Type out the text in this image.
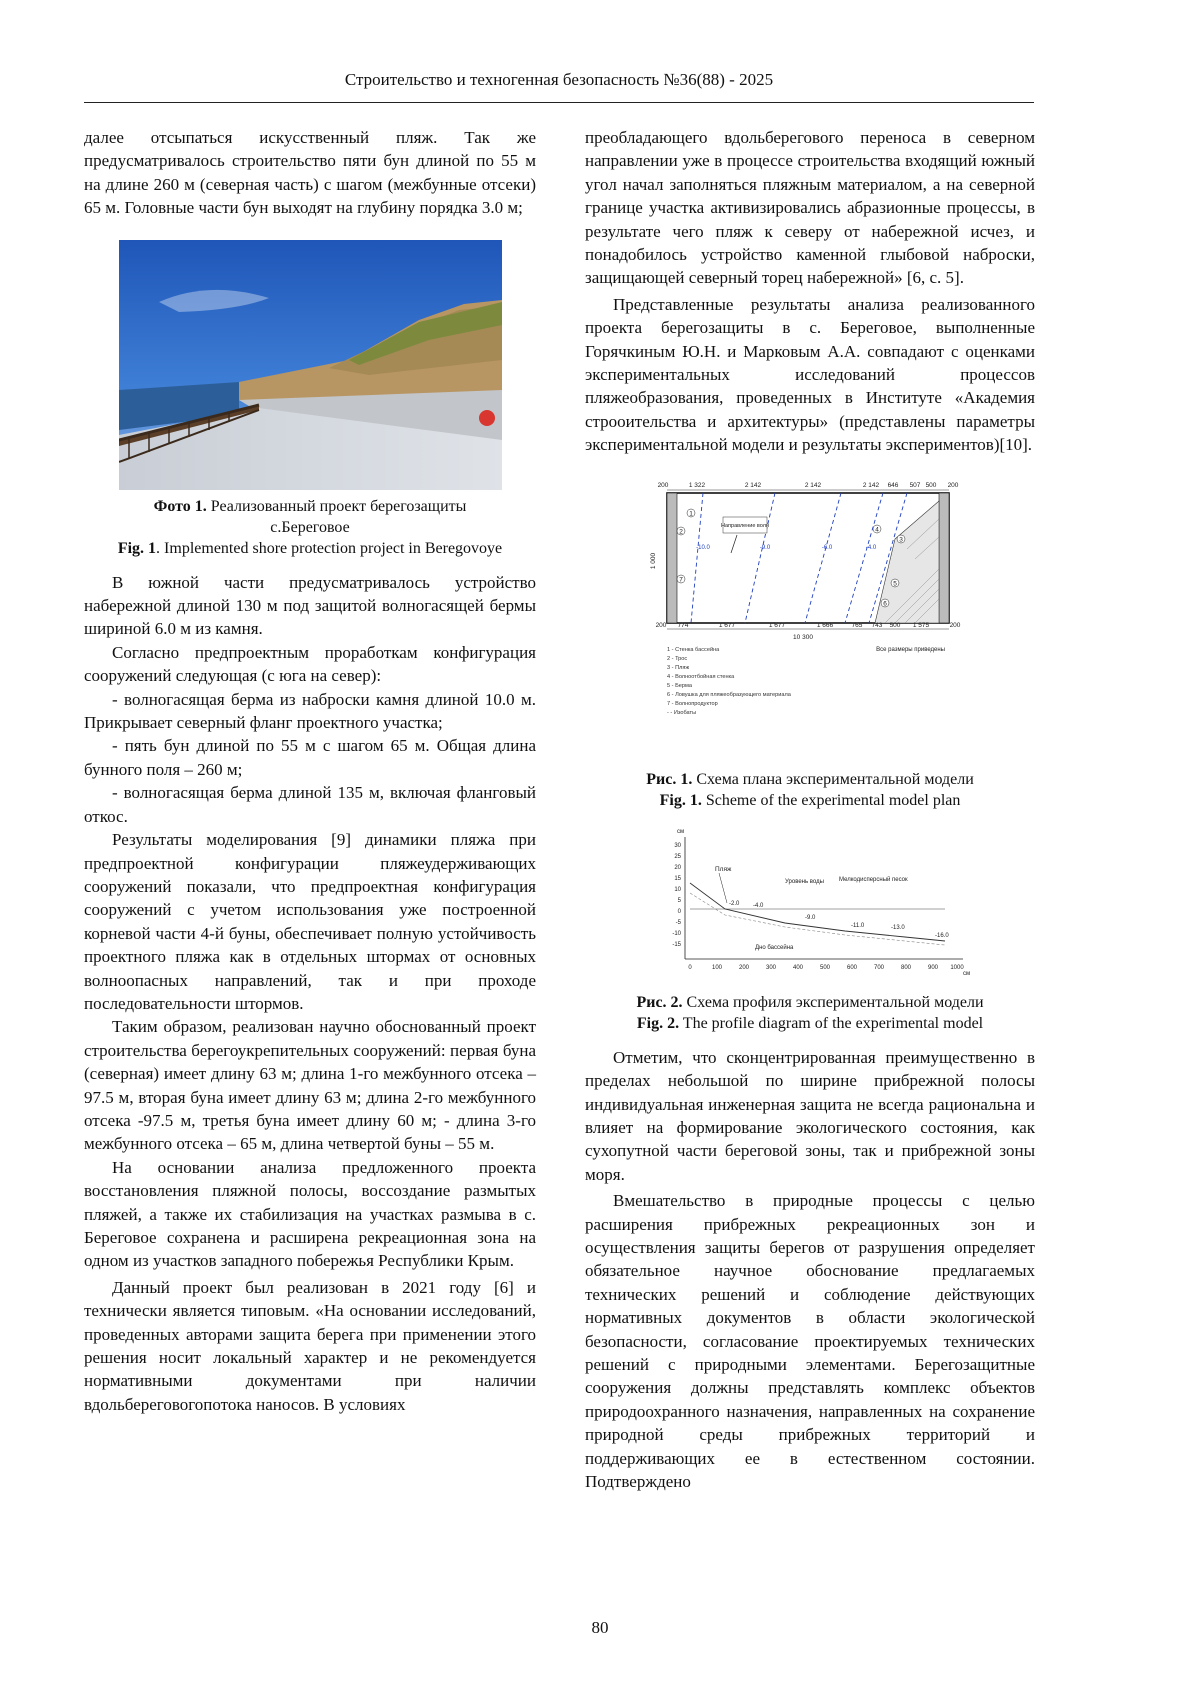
Строительство и техногенная безопасность №36(88) - 2025

далее отсыпаться искусственный пляж. Так же предусматривалось строительство пяти бун длиной по 55 м на длине 260 м (северная часть) с шагом (межбунные отсеки) 65 м. Головные части бун выходят на глубину порядка 3.0 м;

Фото 1. Реализованный проект берегозащиты
с.Береговое
Fig. 1. Implemented shore protection project in Beregovoye

В южной части предусматривалось устройство набережной длиной 130 м под защитой волногасящей бермы шириной 6.0 м из камня.

Согласно предпроектным проработкам конфигурация сооружений следующая (с юга на север):

- волногасящая берма из наброски камня длиной 10.0 м. Прикрывает северный фланг проектного участка;

- пять бун длиной по 55 м с шагом 65 м. Общая длина бунного поля – 260 м;

- волногасящая берма длиной 135 м, включая фланговый откос.

Результаты моделирования [9] динамики пляжа при предпроектной конфигурации пляжеудерживающих сооружений показали, что предпроектная конфигурация сооружений с учетом использования уже построенной корневой части 4-й буны, обеспечивает полную устойчивость проектного пляжа как в отдельных штормах от основных волноопасных направлений, так и при проходе последовательности штормов.

Таким образом, реализован научно обоснованный проект строительства берегоукрепительных сооружений: первая буна (северная) имеет длину 63 м; длина 1-го межбунного отсека – 97.5 м, вторая буна имеет длину 63 м; длина 2-го межбунного отсека -97.5 м, третья буна имеет длину 60 м; - длина 3-го межбунного отсека – 65 м, длина четвертой буны – 55 м.

На основании анализа предложенного проекта восстановления пляжной полосы, воссоздание размытых пляжей, а также их стабилизация на участках размыва в с. Береговое сохранена и расширена рекреационная зона на одном из участков западного побережья Республики Крым.

Данный проект был реализован в 2021 году [6] и технически является типовым. «На основании исследований, проведенных авторами защита берега при применении этого решения носит локальный характер и не рекомендуется нормативными документами при наличии вдольбереговогопотока наносов. В условиях

преобладающего вдольберегового переноса в северном направлении уже в процессе строительства входящий южный угол начал заполняться пляжным материалом, а на северной границе участка активизировались абразионные процессы, в результате чего пляж к северу от набережной исчез, и понадобилось устройство каменной глыбовой наброски, защищающей северный торец набережной» [6, с. 5].

Представленные результаты анализа реализованного проекта берегозащиты в с. Береговое, выполненные Горячкиным Ю.Н. и Марковым А.А. совпадают с оценками экспериментальных исследований процессов пляжеобразования, проведенных в Институте «Академия строоительства и архитектуры» (представлены параметры экспериментальной модели и результаты экспериментов)[10].

200	1 322	2 142	2 142	2 142 646 507 500 200
-10.0	-9.0	-6.0	-4.0
Направление волн
1
2
3
4
5
6
7
1 000
200 774	1 677	1 677	1 666	765 743 500 1 575	200
10 300
Все размеры приведены
1 - Стенка бассейна
2 - Трос
3 - Пляж
4 - Волноотбойная стенка
5 - Берма
6 - Ловушка для пляжеобразующего материала
7 - Волнопродуктор
- - Изобаты
Рис. 1. Схема плана экспериментальной модели
Fig. 1. Scheme of the experimental model plan
см
см
30
25
20
15
10
5
0
-5
-10
-15
0	100	200	300	400	500	600	700	800	900 1000
Пляж
Уровень воды	Мелкодисперсный песок
Дно бассейна
-2.0 -4.0
-9.0
-11.0	-13.0
-16.0
Рис. 2. Схема профиля экспериментальной модели
Fig. 2. The profile diagram of the experimental model

Отметим, что сконцентрированная преимущественно в пределах небольшой по ширине прибрежной полосы индивидуальная инженерная защита не всегда рациональна и влияет на формирование экологического состояния, как сухопутной части береговой зоны, так и прибрежной зоны моря.

Вмешательство в природные процессы с целью расширения прибрежных рекреационных зон и осуществления защиты берегов от разрушения определяет обязательное научное обоснование предлагаемых технических решений и соблюдение действующих нормативных документов в области экологической безопасности, согласование проектируемых технических решений с природными элементами. Берегозащитные сооружения должны представлять комплекс объектов природоохранного назначения, направленных на сохранение природной среды прибрежных территорий и поддерживающих ее в естественном состоянии. Подтверждено

80
